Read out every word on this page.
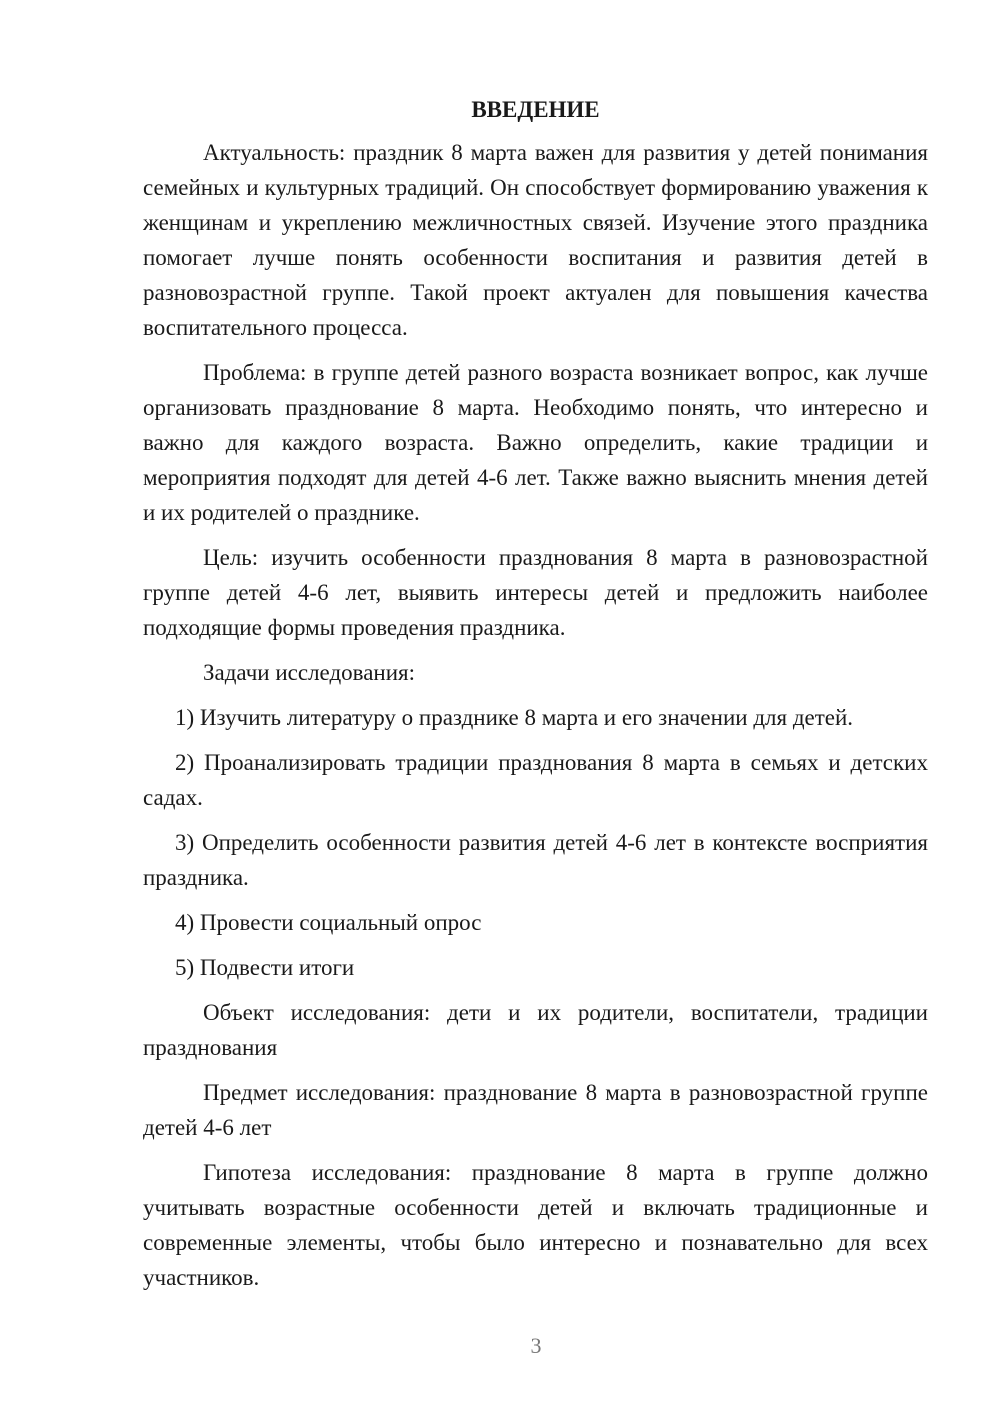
ВВЕДЕНИЕ

Актуальность: праздник 8 марта важен для развития у детей понимания семейных и культурных традиций. Он способствует формированию уважения к женщинам и укреплению межличностных связей. Изучение этого праздника помогает лучше понять особенности воспитания и развития детей в разновозрастной группе. Такой проект актуален для повышения качества воспитательного процесса.

Проблема: в группе детей разного возраста возникает вопрос, как лучше организовать празднование 8 марта. Необходимо понять, что интересно и важно для каждого возраста. Важно определить, какие традиции и мероприятия подходят для детей 4-6 лет. Также важно выяснить мнения детей и их родителей о празднике.

Цель: изучить особенности празднования 8 марта в разновозрастной группе детей 4-6 лет, выявить интересы детей и предложить наиболее подходящие формы проведения праздника.

Задачи исследования:

1) Изучить литературу о празднике 8 марта и его значении для детей.

2) Проанализировать традиции празднования 8 марта в семьях и детских садах.

3) Определить особенности развития детей 4-6 лет в контексте восприятия праздника.

4) Провести социальный опрос

5) Подвести итоги

Объект исследования: дети и их родители, воспитатели, традиции празднования

Предмет исследования: празднование 8 марта в разновозрастной группе детей 4-6 лет

Гипотеза исследования: празднование 8 марта в группе должно учитывать возрастные особенности детей и включать традиционные и современные элементы, чтобы было интересно и познавательно для всех участников.

3
